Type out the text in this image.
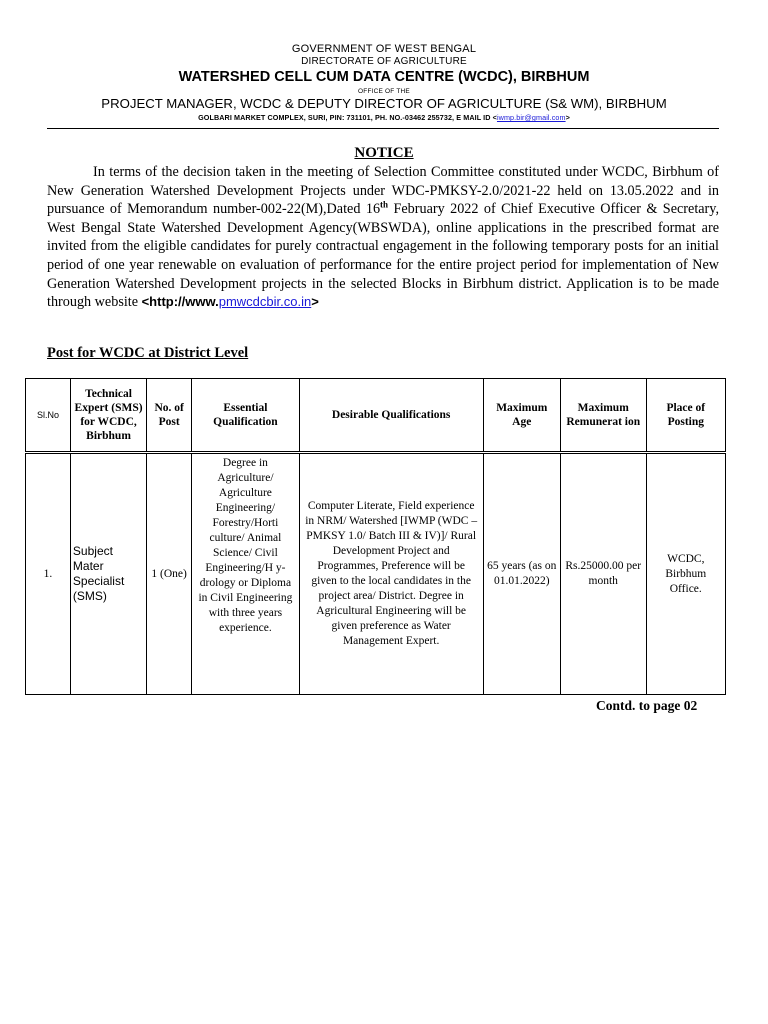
GOVERNMENT OF WEST BENGAL
DIRECTORATE OF AGRICULTURE
WATERSHED CELL CUM DATA CENTRE (WCDC), BIRBHUM
OFFICE OF THE
PROJECT MANAGER, WCDC & DEPUTY DIRECTOR OF AGRICULTURE (S& WM), BIRBHUM
GOLBARI MARKET COMPLEX, SURI, PIN: 731101, PH. NO.-03462 255732, E MAIL ID <iwmp.bir@gmail.com>
NOTICE
In terms of the decision taken in the meeting of Selection Committee constituted under WCDC, Birbhum of New Generation Watershed Development Projects under WDC-PMKSY-2.0/2021-22 held on 13.05.2022 and in pursuance of Memorandum number-002-22(M),Dated 16th February 2022 of Chief Executive Officer & Secretary, West Bengal State Watershed Development Agency(WBSWDA), online applications in the prescribed format are invited from the eligible candidates for purely contractual engagement in the following temporary posts for an initial period of one year renewable on evaluation of performance for the entire project period for implementation of New Generation Watershed Development projects in the selected Blocks in Birbhum district. Application is to be made through website <http://www.pmwcdcbir.co.in>
Post for WCDC at District Level
Sl.No	Technical Expert (SMS) for WCDC, Birbhum	No. of Post	Essential Qualification	Desirable Qualifications	Maximum Age	Maximum Remunerat ion	Place of Posting
1.	Subject Mater Specialist (SMS)	1 (One)	Degree in Agriculture/ Agriculture Engineering/ Forestry/Horti culture/ Animal Science/ Civil Engineering/H y-drology or Diploma in Civil Engineering with three years experience.	Computer Literate, Field experience in NRM/ Watershed [IWMP (WDC –PMKSY 1.0/ Batch III & IV)]/ Rural Development Project and Programmes, Preference will be given to the local candidates in the project area/ District. Degree in Agricultural Engineering will be given preference as Water Management Expert.	65 years (as on 01.01.2022)	Rs.25000.00 per month	WCDC, Birbhum Office.
Contd. to page 02
